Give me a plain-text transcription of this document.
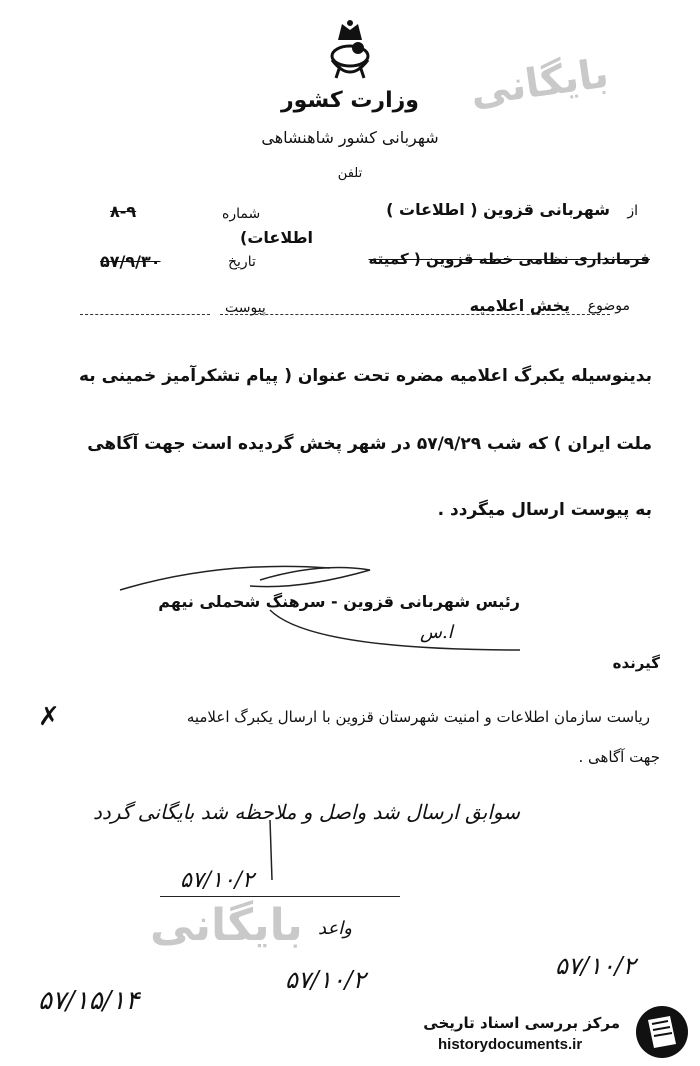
بایگانی
بایگانی
وزارت کشور
شهربانی کشور شاهنشاهی
تلفن
از
شهربانی قزوین ( اطلاعات )
شماره
۸-۹
فرمانداری نظامی خطه قزوین ( کمیته
اطلاعات)
تاریخ
۵۷/۹/۳۰
موضوع
پخش اعلامیه
پیوست
بدینوسیله یکبرگ اعلامیه مضره تحت عنوان ( پیام تشکرآمیز خمینی به
ملت ایران ) که شب ۵۷/۹/۲۹ در شهر پخش گردیده است جهت آگاهی
به پیوست ارسال میگردد .
رئیس شهربانی قزوین - سرهنگ شحملی نیهم
ا.س
گیرنده
ریاست سازمان اطلاعات و امنیت شهرستان قزوین با ارسال یکبرگ اعلامیه
✗
جهت آگاهی .
سوابق ارسال شد واصل و ملاحظه شد بایگانی گردد
۵۷/۱۰/۲
واعد
۵۷/۱۰/۲	۵۷/۱۰/۲
۵۷/۱۵/۱۴
مرکز بررسی اسناد تاریخی
historydocuments.ir
